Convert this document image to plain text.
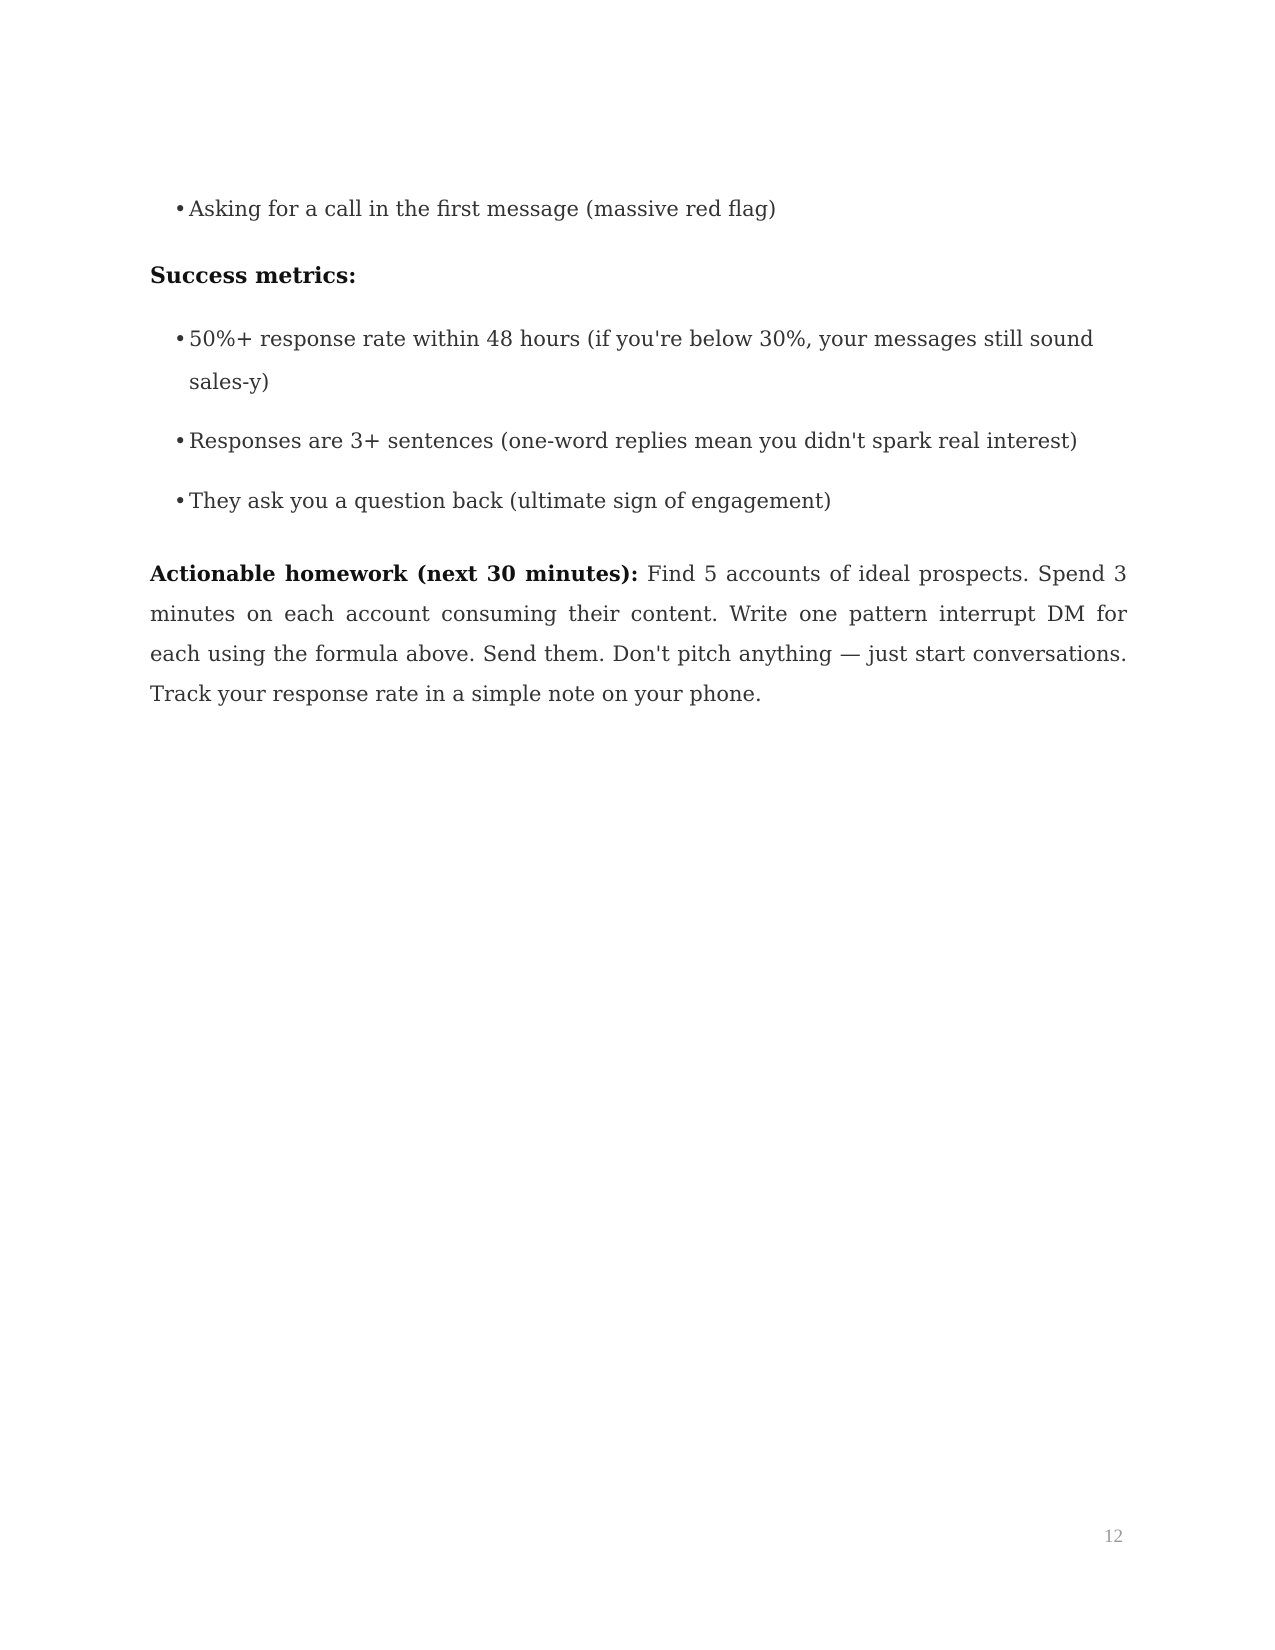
• Asking for a call in the first message (massive red flag)
Success metrics:
• 50%+ response rate within 48 hours (if you're below 30%, your messages still sound sales-y)
• Responses are 3+ sentences (one-word replies mean you didn't spark real interest)
• They ask you a question back (ultimate sign of engagement)

Actionable homework (next 30 minutes): Find 5 accounts of ideal prospects. Spend 3 minutes on each account consuming their content. Write one pattern interrupt DM for each using the formula above. Send them. Don't pitch anything — just start conversations. Track your response rate in a simple note on your phone.

12
